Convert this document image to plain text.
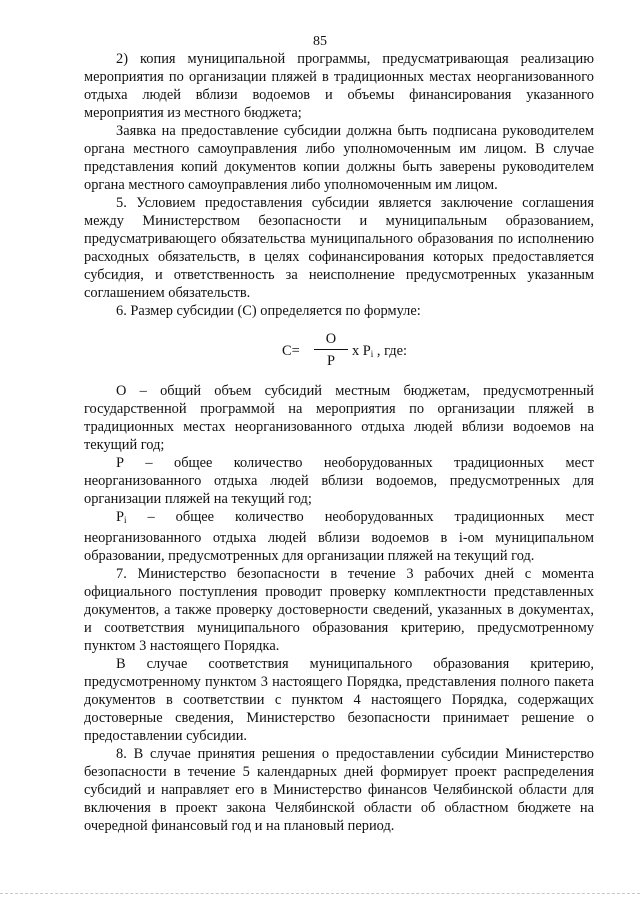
85

2) копия муниципальной программы, предусматривающая реализацию мероприятия по организации пляжей в традиционных местах неорганизованного отдыха людей вблизи водоемов и объемы финансирования указанного мероприятия из местного бюджета;

Заявка на предоставление субсидии должна быть подписана руководителем органа местного самоуправления либо уполномоченным им лицом. В случае представления копий документов копии должны быть заверены руководителем органа местного самоуправления либо уполномоченным им лицом.

5. Условием предоставления субсидии является заключение соглашения между Министерством безопасности и муниципальным образованием, предусматривающего обязательства муниципального образования по исполнению расходных обязательств, в целях софинансирования которых предоставляется субсидия, и ответственность за неисполнение предусмотренных указанным соглашением обязательств.

6. Размер субсидии (С) определяется по формуле:

С=
О
Р
х $Р_i$ , где:

О – общий объем субсидий местным бюджетам, предусмотренный государственной программой на мероприятия по организации пляжей в традиционных местах неорганизованного отдыха людей вблизи водоемов на текущий год;

Р – общее количество необорудованных традиционных мест неорганизованного отдыха людей вблизи водоемов, предусмотренных для организации пляжей на текущий год;

$Р_i$ – общее количество необорудованных традиционных мест неорганизованного отдыха людей вблизи водоемов в i-ом муниципальном образовании, предусмотренных для организации пляжей на текущий год.

7. Министерство безопасности в течение 3 рабочих дней с момента официального поступления проводит проверку комплектности представленных документов, а также проверку достоверности сведений, указанных в документах, и соответствия муниципального образования критерию, предусмотренному пунктом 3 настоящего Порядка.

В случае соответствия муниципального образования критерию, предусмотренному пунктом 3 настоящего Порядка, представления полного пакета документов в соответствии с пунктом 4 настоящего Порядка, содержащих достоверные сведения, Министерство безопасности принимает решение о предоставлении субсидии.

8. В случае принятия решения о предоставлении субсидии Министерство безопасности в течение 5 календарных дней формирует проект распределения субсидий и направляет его в Министерство финансов Челябинской области для включения в проект закона Челябинской области об областном бюджете на очередной финансовый год и на плановый период.
